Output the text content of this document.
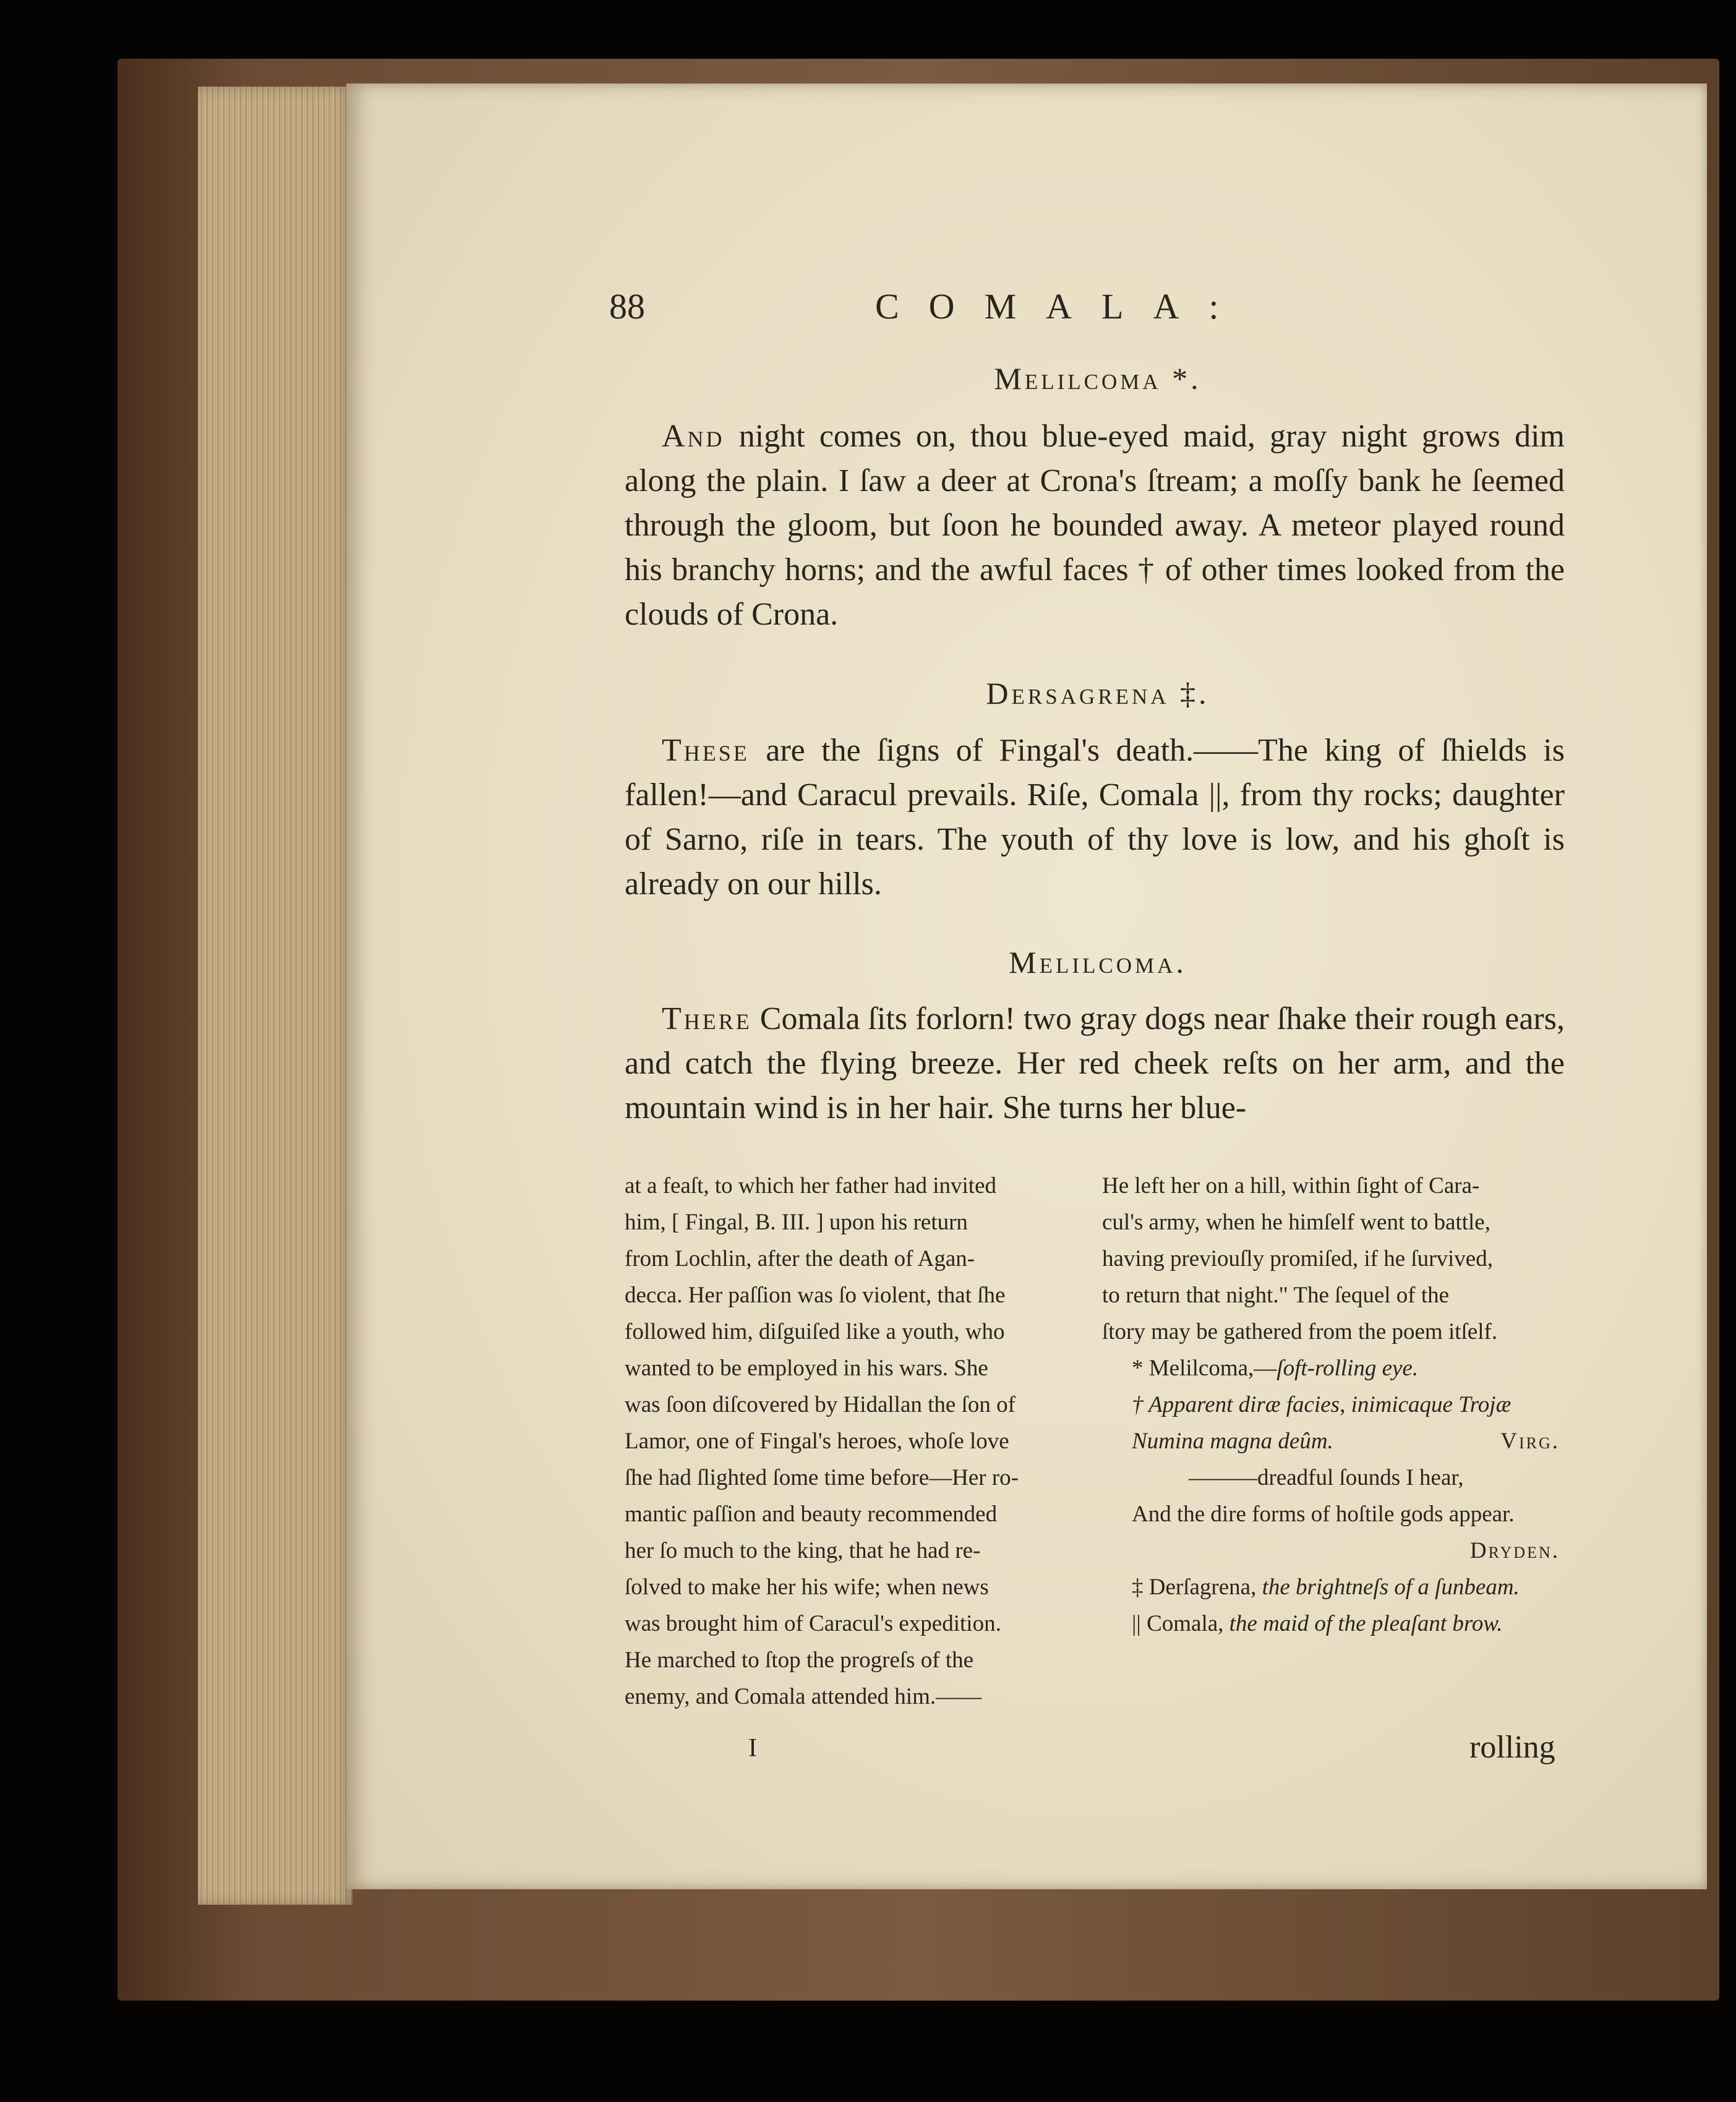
88	COMALA:
Melilcoma *.
And night comes on, thou blue-eyed maid, gray night grows dim along the plain. I ſaw a deer at Crona's ſtream; a moſſy bank he ſeemed through the gloom, but ſoon he bounded away. A meteor played round his branchy horns; and the awful faces † of other times looked from the clouds of Crona.
Dersagrena ‡.
These are the ſigns of Fingal's death.——The king of ſhields is fallen!—and Caracul prevails. Riſe, Comala ||, from thy rocks; daughter of Sarno, riſe in tears. The youth of thy love is low, and his ghoſt is already on our hills.
Melilcoma.
There Comala ſits forlorn! two gray dogs near ſhake their rough ears, and catch the flying breeze. Her red cheek reſts on her arm, and the mountain wind is in her hair. She turns her blue-
at a feaſt, to which her father had invited
him, [ Fingal, B. III. ] upon his return
from Lochlin, after the death of Agan-
decca. Her paſſion was ſo violent, that ſhe
followed him, diſguiſed like a youth, who
wanted to be employed in his wars. She
was ſoon diſcovered by Hidallan the ſon of
Lamor, one of Fingal's heroes, whoſe love
ſhe had ſlighted ſome time before—Her ro-
mantic paſſion and beauty recommended
her ſo much to the king, that he had re-
ſolved to make her his wife; when news
was brought him of Caracul's expedition.
He marched to ſtop the progreſs of the
enemy, and Comala attended him.——
He left her on a hill, within ſight of Cara-
cul's army, when he himſelf went to battle,
having previouſly promiſed, if he ſurvived,
to return that night." The ſequel of the
ſtory may be gathered from the poem itſelf.
* Melilcoma,—ſoft-rolling eye.
† Apparent diræ facies, inimicaque Trojæ
Numina magna deûm.	Virg.
———dreadful ſounds I hear,
And the dire forms of hoſtile gods appear.
Dryden.
‡ Derſagrena, the brightneſs of a ſunbeam.
|| Comala, the maid of the pleaſant brow.
I	rolling
